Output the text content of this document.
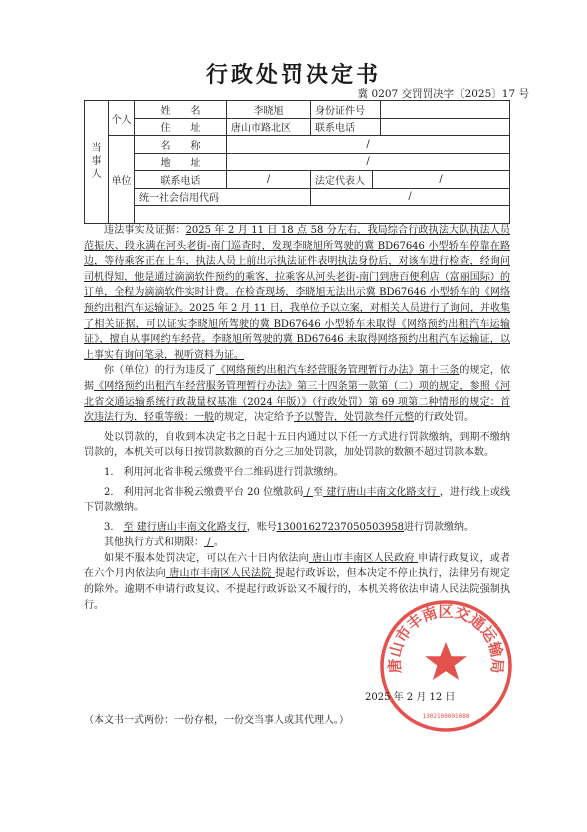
行政处罚决定书
冀 0207 交罚罚决字〔2025〕17 号
当事人	个人	姓　　名	李晓旭	身份证件号		
		住　　址	唐山市路北区	联系电话		
	单位	名　　称	/			
		地　　址	/			
		联系电话	/	法定代表人	/	
		统一社会信用代码		/		

违法事实及证据：2025 年 2 月 11 日 18 点 58 分左右，我局综合行政执法大队执法人员范振庆、段永满在河头老街-南门巡查时，发现李晓旭所驾驶的冀 BD67646 小型轿车停靠在路边，等待乘客正在上车，执法人员上前出示执法证件表明执法身份后，对该车进行检查，经询问司机得知，他是通过滴滴软件预约的乘客，拉乘客从河头老街-南门到唐百便利店（富丽国际）的订单，全程为滴滴软件实时计费。在检查现场，李晓旭无法出示冀 BD67646 小型轿车的《网络预约出租汽车运输证》。2025 年 2 月 11 日，我单位予以立案，对相关人员进行了询问，并收集了相关证据，可以证实李晓旭所驾驶的冀 BD67646 小型轿车未取得《网络预约出租汽车运输证》，擅自从事网约车经营。李晓旭所驾驶的冀 BD67646 未取得网络预约出租汽车运输证，以上事实有询问笔录，视听资料为证。

你（单位）的行为违反了《网络预约出租汽车经营服务管理暂行办法》第十三条的规定，依据《网络预约出租汽车经营服务管理暂行办法》第三十四条第一款第（二）项的规定，参照《河北省交通运输系统行政裁量权基准（2024 年版）》（行政处罚）第 69 项第二种情形的规定：首次违法行为，轻重等级：一般的规定，决定给予予以警告，处罚款叁仟元整的行政处罚。

处以罚款的，自收到本决定书之日起十五日内通过以下任一方式进行罚款缴纳，到期不缴纳罚款的，本机关可以每日按罚款数额的百分之三加处罚款，加处罚款的数额不超过罚款本数。

1.　利用河北省非税云缴费平台二维码进行罚款缴纳。

2.　利用河北省非税云缴费平台 20 位缴款码 / 至 建行唐山丰南文化路支行 ，进行线上或线下罚款缴纳。

3.　至 建行唐山丰南文化路支行，账号13001627237050503958进行罚款缴纳。

其他执行方式和期限： / 。

如果不服本处罚决定，可以在六十日内依法向 唐山市丰南区人民政府 申请行政复议，或者在六个月内依法向 唐山市丰南区人民法院 提起行政诉讼，但本决定不停止执行，法律另有规定的除外。逾期不申请行政复议、不提起行政诉讼又不履行的，本机关将依法申请人民法院强制执行。

唐山市丰南区交通运输局
1302100001088
2025 年 2 月 12 日
（本文书一式两份：一份存根，一份交当事人或其代理人。）
